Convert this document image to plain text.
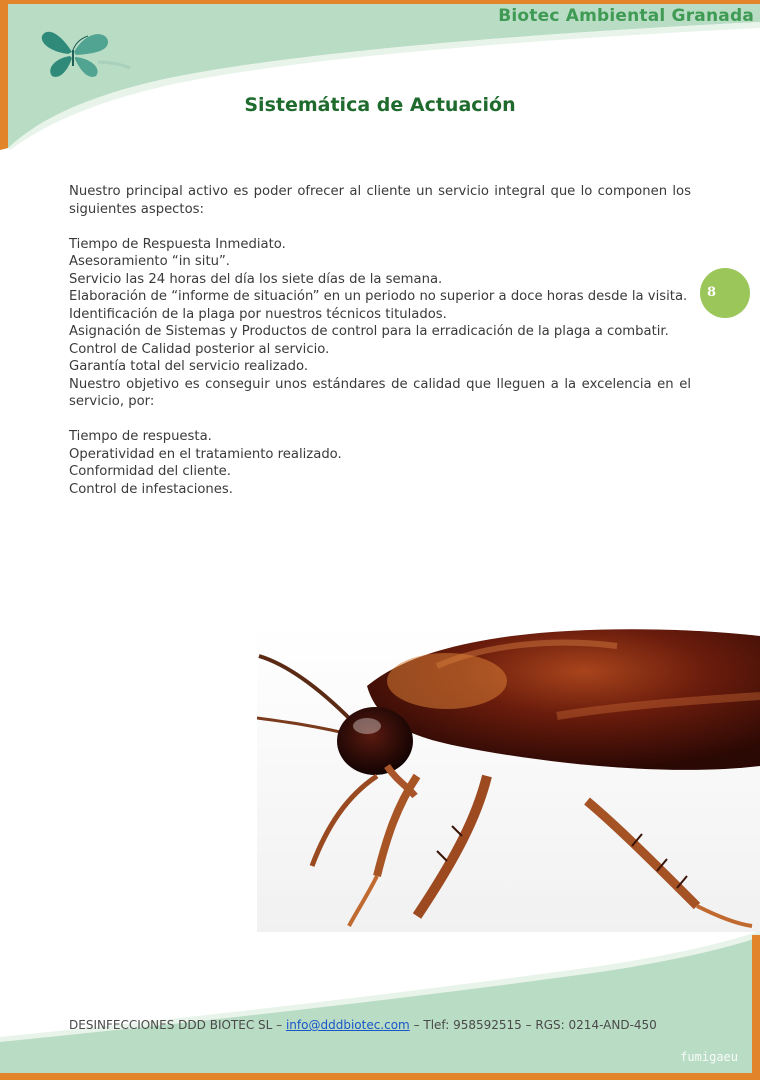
Biotec Ambiental Granada
Sistemática de Actuación
8

Nuestro principal activo es poder ofrecer al cliente un servicio integral que lo componen los siguientes aspectos:

Tiempo de Respuesta Inmediato.

Asesoramiento “in situ”.

Servicio las 24 horas del día los siete días de la semana.

Elaboración de “informe de situación” en un periodo no superior a doce horas desde la visita.

Identificación de la plaga por nuestros técnicos titulados.

Asignación de Sistemas y Productos de control para la erradicación de la plaga a combatir.

Control de Calidad posterior al servicio.

Garantía total del servicio realizado.

Nuestro objetivo es conseguir unos estándares de calidad que lleguen a la excelencia en el servicio, por:

Tiempo de respuesta.

Operatividad en el tratamiento realizado.

Conformidad del cliente.

Control de infestaciones.

DESINFECCIONES DDD BIOTEC SL – info@dddbiotec.com – Tlef: 958592515 – RGS: 0214-AND-450
fumigaeu
